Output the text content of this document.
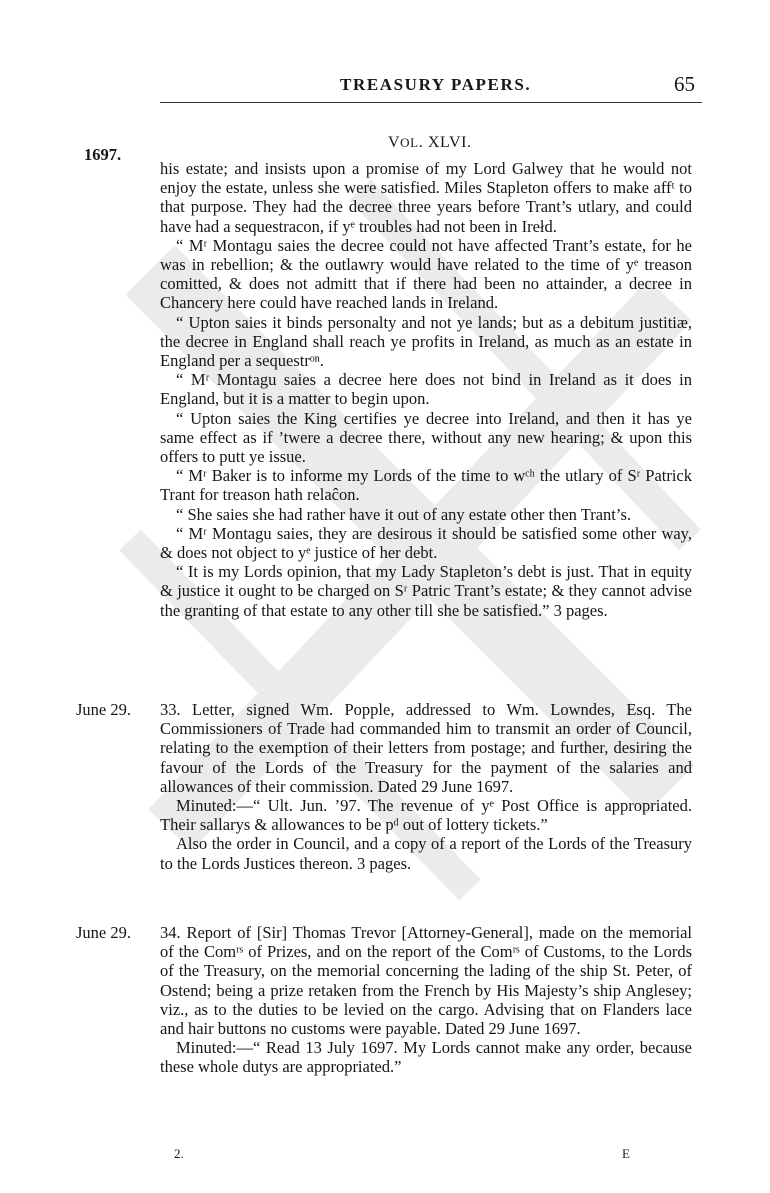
TREASURY PAPERS.	65
1697.
VOL. XLVI.

his estate; and insists upon a promise of my Lord Galwey that he would not enjoy the estate, unless she were satisfied. Miles Stapleton offers to make affᵗ to that purpose. They had the decree three years before Trant’s utlary, and could have had a sequestracon, if yᵉ troubles had not been in Irełd.

“ Mʳ Montagu saies the decree could not have affected Trant’s estate, for he was in rebellion; & the outlawry would have related to the time of yᵉ treason comitted, & does not admitt that if there had been no attainder, a decree in Chancery here could have reached lands in Ireland.

“ Upton saies it binds personalty and not ye lands; but as a debitum justitiæ, the decree in England shall reach ye profits in Ireland, as much as an estate in England per a sequestrᵒⁿ.

“ Mʳ Montagu saies a decree here does not bind in Ireland as it does in England, but it is a matter to begin upon.

“ Upton saies the King certifies ye decree into Ireland, and then it has ye same effect as if ’twere a decree there, without any new hearing; & upon this offers to putt ye issue.

“ Mʳ Baker is to informe my Lords of the time to wᶜʰ the utlary of Sʳ Patrick Trant for treason hath relaĉon.

“ She saies she had rather have it out of any estate other then Trant’s.

“ Mʳ Montagu saies, they are desirous it should be satisfied some other way, & does not object to yᵉ justice of her debt.

“ It is my Lords opinion, that my Lady Stapleton’s debt is just. That in equity & justice it ought to be charged on Sʳ Patric Trant’s estate; & they cannot advise the granting of that estate to any other till she be satisfied.” 3 pages.

June 29. 33. Letter, signed Wm. Popple, addressed to Wm. Lowndes, Esq. The Commissioners of Trade had commanded him to transmit an order of Council, relating to the exemption of their letters from postage; and further, desiring the favour of the Lords of the Treasury for the payment of the salaries and allowances of their commission. Dated 29 June 1697.

Minuted:—“ Ult. Jun. ’97. The revenue of yᵉ Post Office is appropriated. Their sallarys & allowances to be pᵈ out of lottery tickets.”

Also the order in Council, and a copy of a report of the Lords of the Treasury to the Lords Justices thereon. 3 pages.

June 29. 34. Report of [Sir] Thomas Trevor [Attorney-General], made on the memorial of the Comʳˢ of Prizes, and on the report of the Comʳˢ of Customs, to the Lords of the Treasury, on the memorial concerning the lading of the ship St. Peter, of Ostend; being a prize retaken from the French by His Majesty’s ship Anglesey; viz., as to the duties to be levied on the cargo. Advising that on Flanders lace and hair buttons no customs were payable. Dated 29 June 1697.

Minuted:—“ Read 13 July 1697. My Lords cannot make any order, because these whole dutys are appropriated.”

2.	E
